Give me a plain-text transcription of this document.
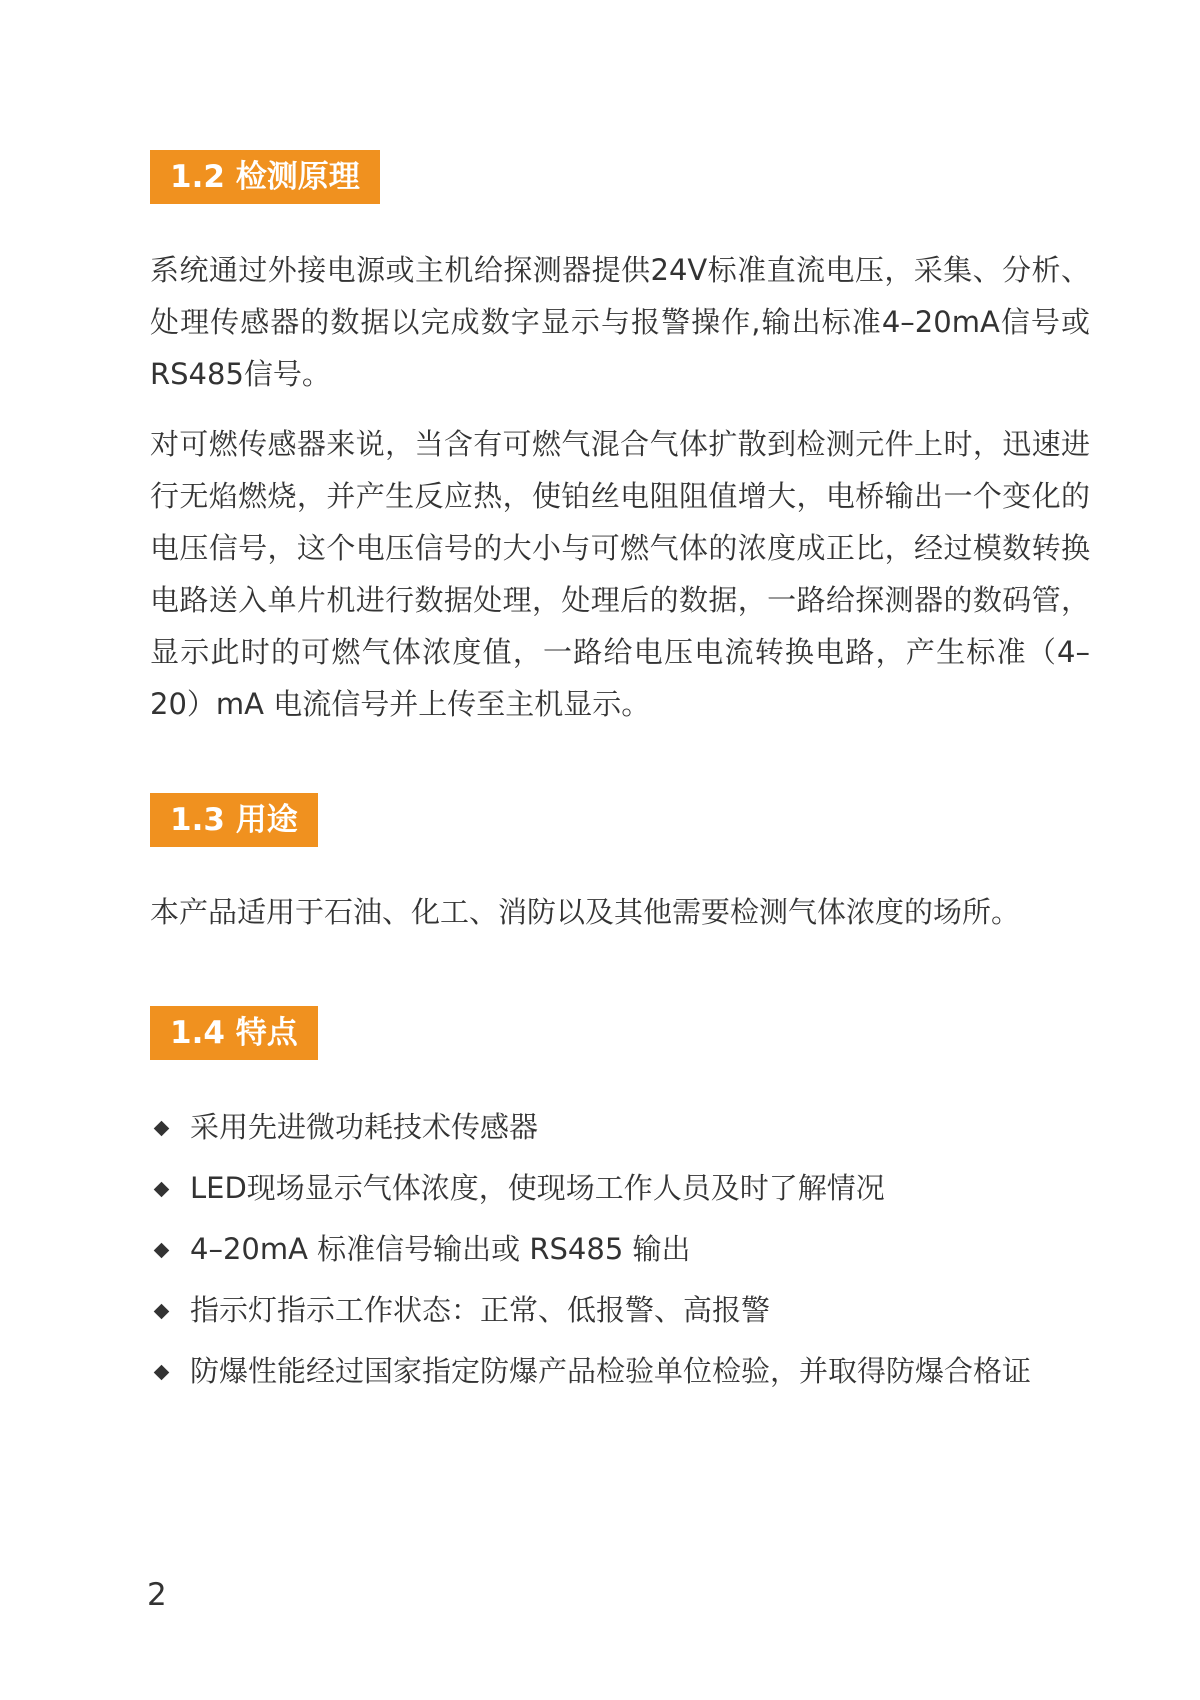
1.2 检测原理

系统通过外接电源或主机给探测器提供24V标准直流电压，采集、分析、处理传感器的数据以完成数字显示与报警操作,输出标准4–20mA信号或RS485信号。

对可燃传感器来说，当含有可燃气混合气体扩散到检测元件上时，迅速进行无焰燃烧，并产生反应热，使铂丝电阻阻值增大，电桥输出一个变化的电压信号，这个电压信号的大小与可燃气体的浓度成正比，经过模数转换电路送入单片机进行数据处理，处理后的数据，一路给探测器的数码管，显示此时的可燃气体浓度值，一路给电压电流转换电路，产生标准（4–20）mA 电流信号并上传至主机显示。

1.3 用途

本产品适用于石油、化工、消防以及其他需要检测气体浓度的场所。

1.4 特点
采用先进微功耗技术传感器
LED现场显示气体浓度，使现场工作人员及时了解情况
4–20mA 标准信号输出或 RS485 输出
指示灯指示工作状态：正常、低报警、高报警
防爆性能经过国家指定防爆产品检验单位检验，并取得防爆合格证
2
